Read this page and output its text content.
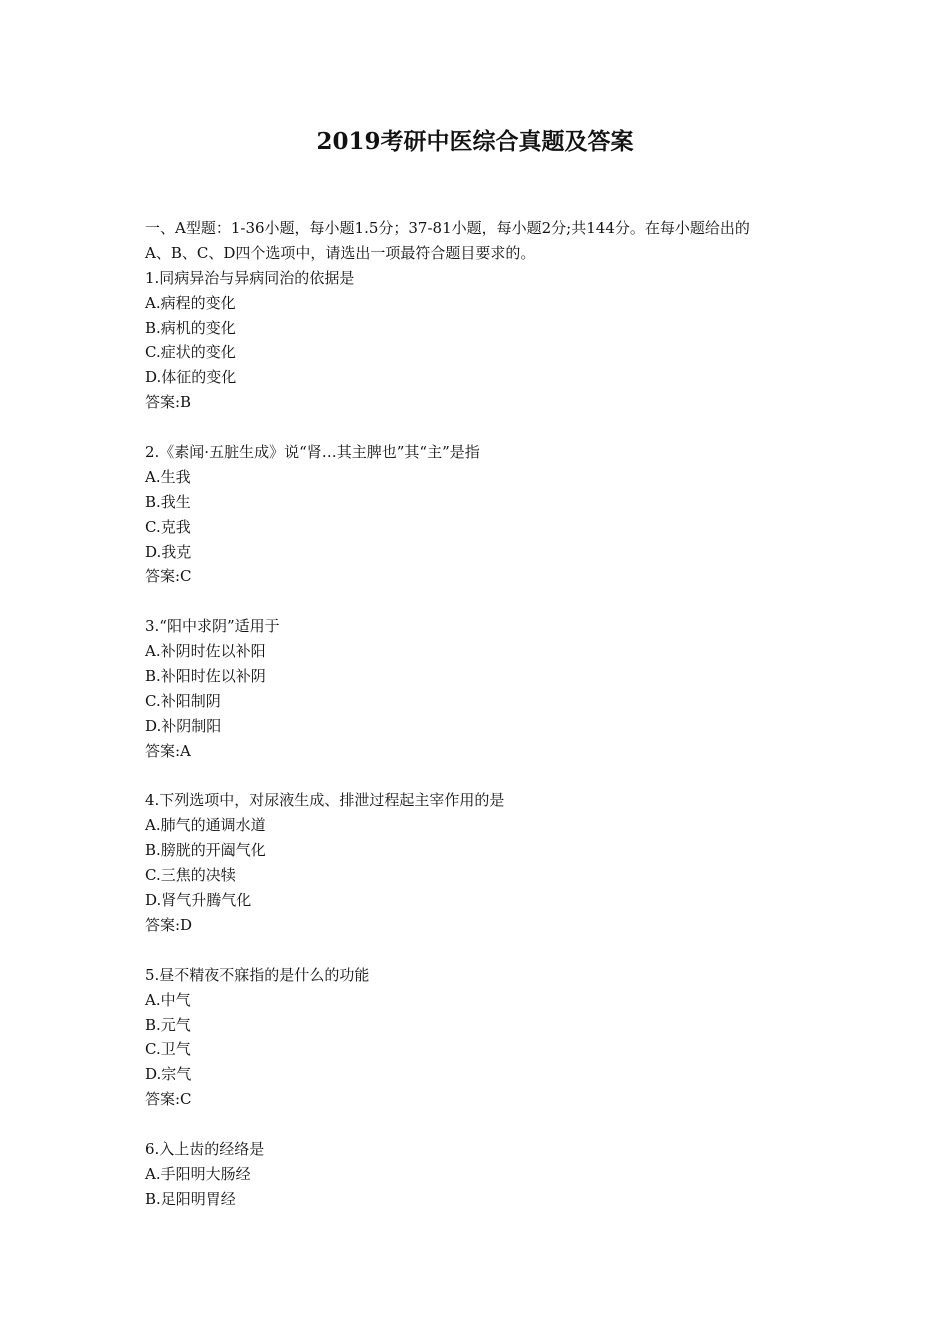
2019考研中医综合真题及答案
一、A型题：1-36小题，每小题1.5分；37-81小题，每小题2分;共144分。在每小题给出的
A、B、C、D四个选项中，请选出一项最符合题目要求的。
1.同病异治与异病同治的依据是
A.病程的变化
B.病机的变化
C.症状的变化
D.体征的变化
答案:B
2.《素闻·五脏生成》说“肾…其主脾也”其“主”是指
A.生我
B.我生
C.克我
D.我克
答案:C
3.“阳中求阴”适用于
A.补阴时佐以补阳
B.补阳时佐以补阴
C.补阳制阴
D.补阴制阳
答案:A
4.下列选项中，对尿液生成、排泄过程起主宰作用的是
A.肺气的通调水道
B.膀胱的开阖气化
C.三焦的决犊
D.肾气升腾气化
答案:D
5.昼不精夜不寐指的是什么的功能
A.中气
B.元气
C.卫气
D.宗气
答案:C
6.入上齿的经络是
A.手阳明大肠经
B.足阳明胃经
